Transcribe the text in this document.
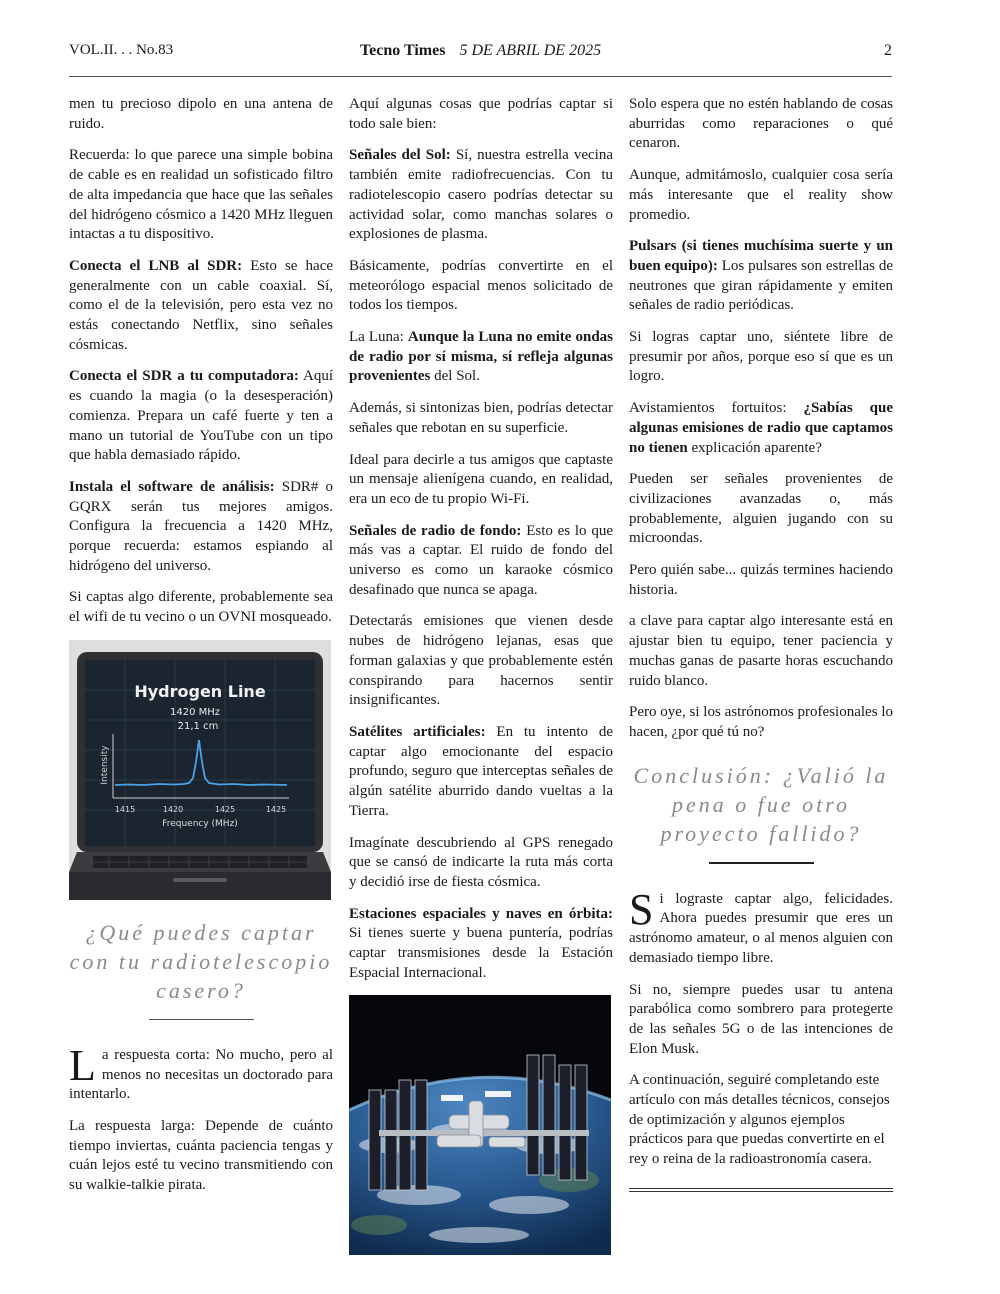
VOL.II. . . No.83	Tecno Times 5 DE ABRIL DE 2025	2

men tu precioso dipolo en una antena de ruido.

Recuerda: lo que parece una simple bobina de cable es en realidad un sofisticado filtro de alta impedancia que hace que las señales del hidrógeno cósmico a 1420 MHz lleguen intactas a tu dispositivo.

Conecta el LNB al SDR: Esto se hace generalmente con un cable coaxial. Sí, como el de la televisión, pero esta vez no estás conectando Netflix, sino señales cósmicas.

Conecta el SDR a tu computadora: Aquí es cuando la magia (o la desesperación) comienza. Prepara un café fuerte y ten a mano un tutorial de YouTube con un tipo que habla demasiado rápido.

Instala el software de análisis: SDR# o GQRX serán tus mejores amigos. Configura la frecuencia a 1420 MHz, porque recuerda: estamos espiando al hidrógeno del universo.

Si captas algo diferente, probablemente sea el wifi de tu vecino o un OVNI mosqueado.

Hydrogen Line
1420 MHz
21,1 cm
Intensity
1415	1420	1425	1425
Frequency (MHz)
¿Qué puedes captar con tu radiotelescopio casero?

La respuesta corta: No mucho, pero al menos no necesitas un doctorado para intentarlo.

La respuesta larga: Depende de cuánto tiempo inviertas, cuánta paciencia tengas y cuán lejos esté tu vecino transmitiendo con su walkie-talkie pirata.

Aquí algunas cosas que podrías captar si todo sale bien:

Señales del Sol: Sí, nuestra estrella vecina también emite radiofrecuencias. Con tu radiotelescopio casero podrías detectar su actividad solar, como manchas solares o explosiones de plasma.

Básicamente, podrías convertirte en el meteorólogo espacial menos solicitado de todos los tiempos.

La Luna: Aunque la Luna no emite ondas de radio por sí misma, sí refleja algunas provenientes del Sol.

Además, si sintonizas bien, podrías detectar señales que rebotan en su superficie.

Ideal para decirle a tus amigos que captaste un mensaje alienígena cuando, en realidad, era un eco de tu propio Wi-Fi.

Señales de radio de fondo: Esto es lo que más vas a captar. El ruido de fondo del universo es como un karaoke cósmico desafinado que nunca se apaga.

Detectarás emisiones que vienen desde nubes de hidrógeno lejanas, esas que forman galaxias y que probablemente estén conspirando para hacernos sentir insignificantes.

Satélites artificiales: En tu intento de captar algo emocionante del espacio profundo, seguro que interceptas señales de algún satélite aburrido dando vueltas a la Tierra.

Imagínate descubriendo al GPS renegado que se cansó de indicarte la ruta más corta y decidió irse de fiesta cósmica.

Estaciones espaciales y naves en órbita: Si tienes suerte y buena puntería, podrías captar transmisiones desde la Estación Espacial Internacional.

Solo espera que no estén hablando de cosas aburridas como reparaciones o qué cenaron.

Aunque, admitámoslo, cualquier cosa sería más interesante que el reality show promedio.

Pulsars (si tienes muchísima suerte y un buen equipo): Los pulsares son estrellas de neutrones que giran rápidamente y emiten señales de radio periódicas.

Si logras captar uno, siéntete libre de presumir por años, porque eso sí que es un logro.

Avistamientos fortuitos: ¿Sabías que algunas emisiones de radio que captamos no tienen explicación aparente?

Pueden ser señales provenientes de civilizaciones avanzadas o, más probablemente, alguien jugando con su microondas.

Pero quién sabe... quizás termines haciendo historia.

a clave para captar algo interesante está en ajustar bien tu equipo, tener paciencia y muchas ganas de pasarte horas escuchando ruido blanco.

Pero oye, si los astrónomos profesionales lo hacen, ¿por qué tú no?

Conclusión: ¿Valió la pena o fue otro proyecto fallido?

Si lograste captar algo, felicidades. Ahora puedes presumir que eres un astrónomo amateur, o al menos alguien con demasiado tiempo libre.

Si no, siempre puedes usar tu antena parabólica como sombrero para protegerte de las señales 5G o de las intenciones de Elon Musk.

A continuación, seguiré completando este artículo con más detalles técnicos, consejos de optimización y algunos ejemplos prácticos para que puedas convertirte en el rey o reina de la radioastronomía casera.
